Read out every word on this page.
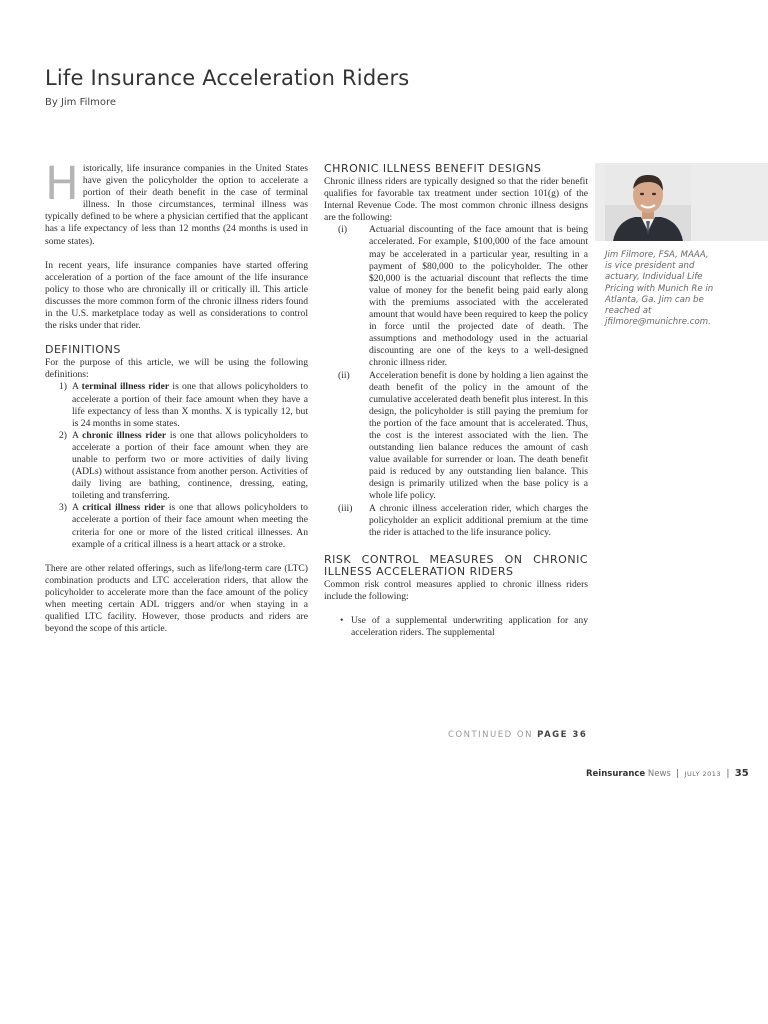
Life Insurance Acceleration Riders
By Jim Filmore

H istorically, life insurance companies in the United States have given the policyholder the option to accelerate a portion of their death benefit in the case of terminal illness. In those circumstances, terminal illness was typically defined to be where a physician certified that the applicant has a life expectancy of less than 12 months (24 months is used in some states).

In recent years, life insurance companies have started offering acceleration of a portion of the face amount of the life insurance policy to those who are chronically ill or critically ill. This article discusses the more common form of the chronic illness riders found in the U.S. marketplace today as well as considerations to control the risks under that rider.

DEFINITIONS
For the purpose of this article, we will be using the following definitions:
1) A terminal illness rider is one that allows policyholders to accelerate a portion of their face amount when they have a life expectancy of less than X months. X is typically 12, but is 24 months in some states.
2) A chronic illness rider is one that allows policyholders to accelerate a portion of their face amount when they are unable to perform two or more activities of daily living (ADLs) without assistance from another person. Activities of daily living are bathing, continence, dressing, eating, toileting and transferring.
3) A critical illness rider is one that allows policyholders to accelerate a portion of their face amount when meeting the criteria for one or more of the listed critical illnesses. An example of a critical illness is a heart attack or a stroke.

There are other related offerings, such as life/long-term care (LTC) combination products and LTC acceleration riders, that allow the policyholder to accelerate more than the face amount of the policy when meeting certain ADL triggers and/or when staying in a qualified LTC facility. However, those products and riders are beyond the scope of this article.

CHRONIC ILLNESS BENEFIT DESIGNS
Chronic illness riders are typically designed so that the rider benefit qualifies for favorable tax treatment under section 101(g) of the Internal Revenue Code. The most common chronic illness designs are the following:
(i) Actuarial discounting of the face amount that is being accelerated. For example, $100,000 of the face amount may be accelerated in a particular year, resulting in a payment of $80,000 to the policyholder. The other $20,000 is the actuarial discount that reflects the time value of money for the benefit being paid early along with the premiums associated with the accelerated amount that would have been required to keep the policy in force until the projected date of death. The assumptions and methodology used in the actuarial discounting are one of the keys to a well-designed chronic illness rider.
(ii) Acceleration benefit is done by holding a lien against the death benefit of the policy in the amount of the cumulative accelerated death benefit plus interest. In this design, the policyholder is still paying the premium for the portion of the face amount that is accelerated. Thus, the cost is the interest associated with the lien. The outstanding lien balance reduces the amount of cash value available for surrender or loan. The death benefit paid is reduced by any outstanding lien balance. This design is primarily utilized when the base policy is a whole life policy.
(iii) A chronic illness acceleration rider, which charges the policyholder an explicit additional premium at the time the rider is attached to the life insurance policy.
RISK CONTROL MEASURES ON CHRONIC ILLNESS ACCELERATION RIDERS
Common risk control measures applied to chronic illness riders include the following:
• Use of a supplemental underwriting application for any acceleration riders. The supplemental
Jim Filmore, FSA, MAAA, is vice president and actuary, Individual Life Pricing with Munich Re in Atlanta, Ga. Jim can be reached at jfilmore@munichre.com.
CONTINUED ON PAGE 36
Reinsurance News | JULY 2013 | 35
